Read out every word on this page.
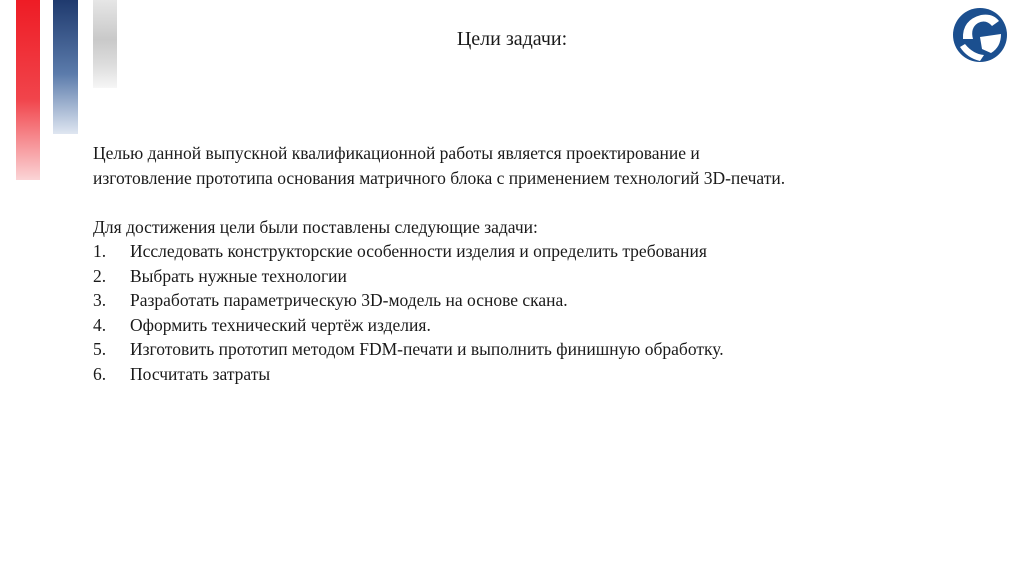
Цели задачи:

Целью данной выпускной квалификационной работы является проектирование и

изготовление прототипа основания матричного блока с применением технологий 3D-печати.

Для достижения цели были поставлены следующие задачи:

1.	Исследовать конструкторские особенности изделия и определить требования
2.	Выбрать нужные технологии
3.	Разработать параметрическую 3D-модель на основе скана.
4.	Оформить технический чертёж изделия.
5.	Изготовить прототип методом FDM-печати и выполнить финишную обработку.
6.	Посчитать затраты
